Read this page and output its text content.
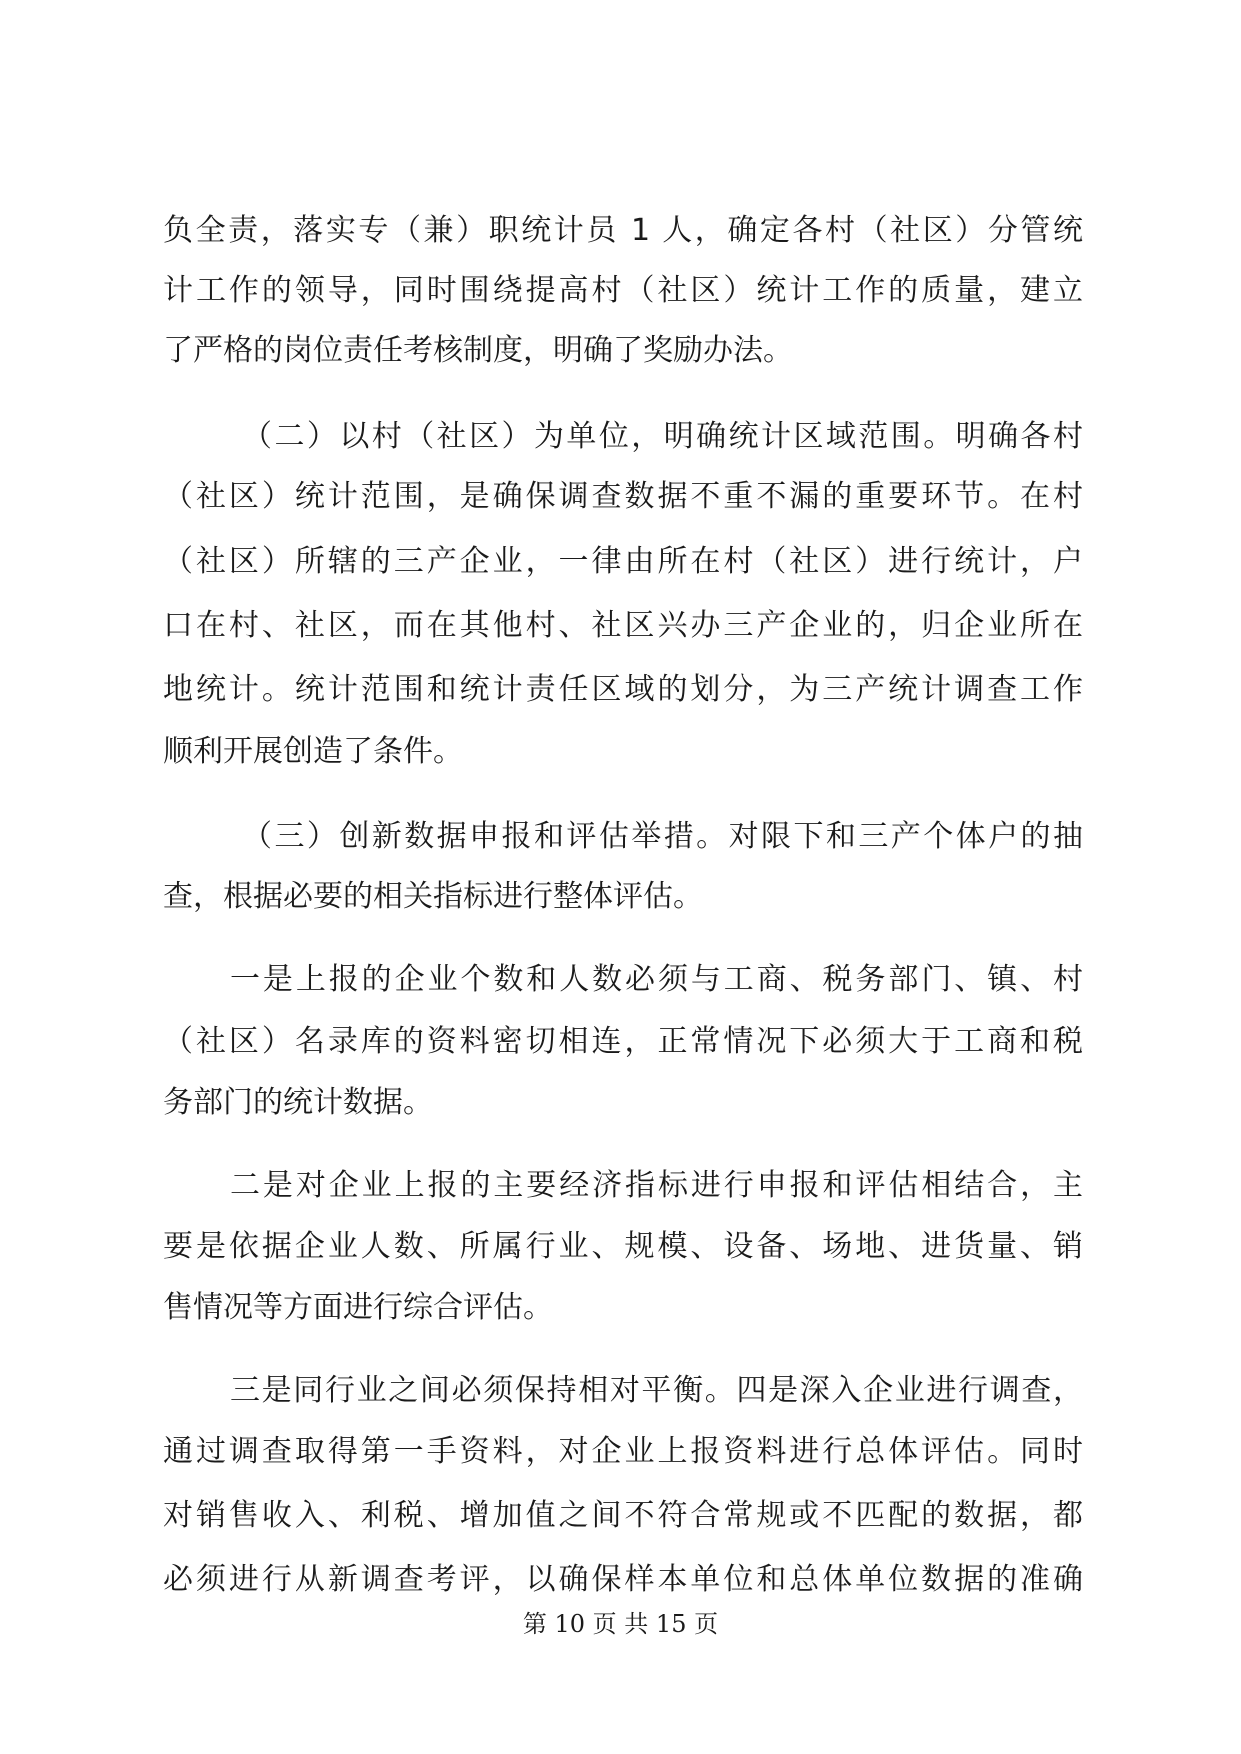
负全责，落实专（兼）职统计员 1 人，确定各村（社区）分管统
计工作的领导，同时围绕提高村（社区）统计工作的质量，建立
了严格的岗位责任考核制度，明确了奖励办法。
（二）以村（社区）为单位，明确统计区域范围。明确各村
（社区）统计范围，是确保调查数据不重不漏的重要环节。在村
（社区）所辖的三产企业，一律由所在村（社区）进行统计，户
口在村、社区，而在其他村、社区兴办三产企业的，归企业所在
地统计。统计范围和统计责任区域的划分，为三产统计调查工作
顺利开展创造了条件。
（三）创新数据申报和评估举措。对限下和三产个体户的抽
查，根据必要的相关指标进行整体评估。
一是上报的企业个数和人数必须与工商、税务部门、镇、村
（社区）名录库的资料密切相连，正常情况下必须大于工商和税
务部门的统计数据。
二是对企业上报的主要经济指标进行申报和评估相结合，主
要是依据企业人数、所属行业、规模、设备、场地、进货量、销
售情况等方面进行综合评估。
三是同行业之间必须保持相对平衡。四是深入企业进行调查，
通过调查取得第一手资料，对企业上报资料进行总体评估。同时
对销售收入、利税、增加值之间不符合常规或不匹配的数据，都
必须进行从新调查考评，以确保样本单位和总体单位数据的准确
第 10 页 共 15 页
